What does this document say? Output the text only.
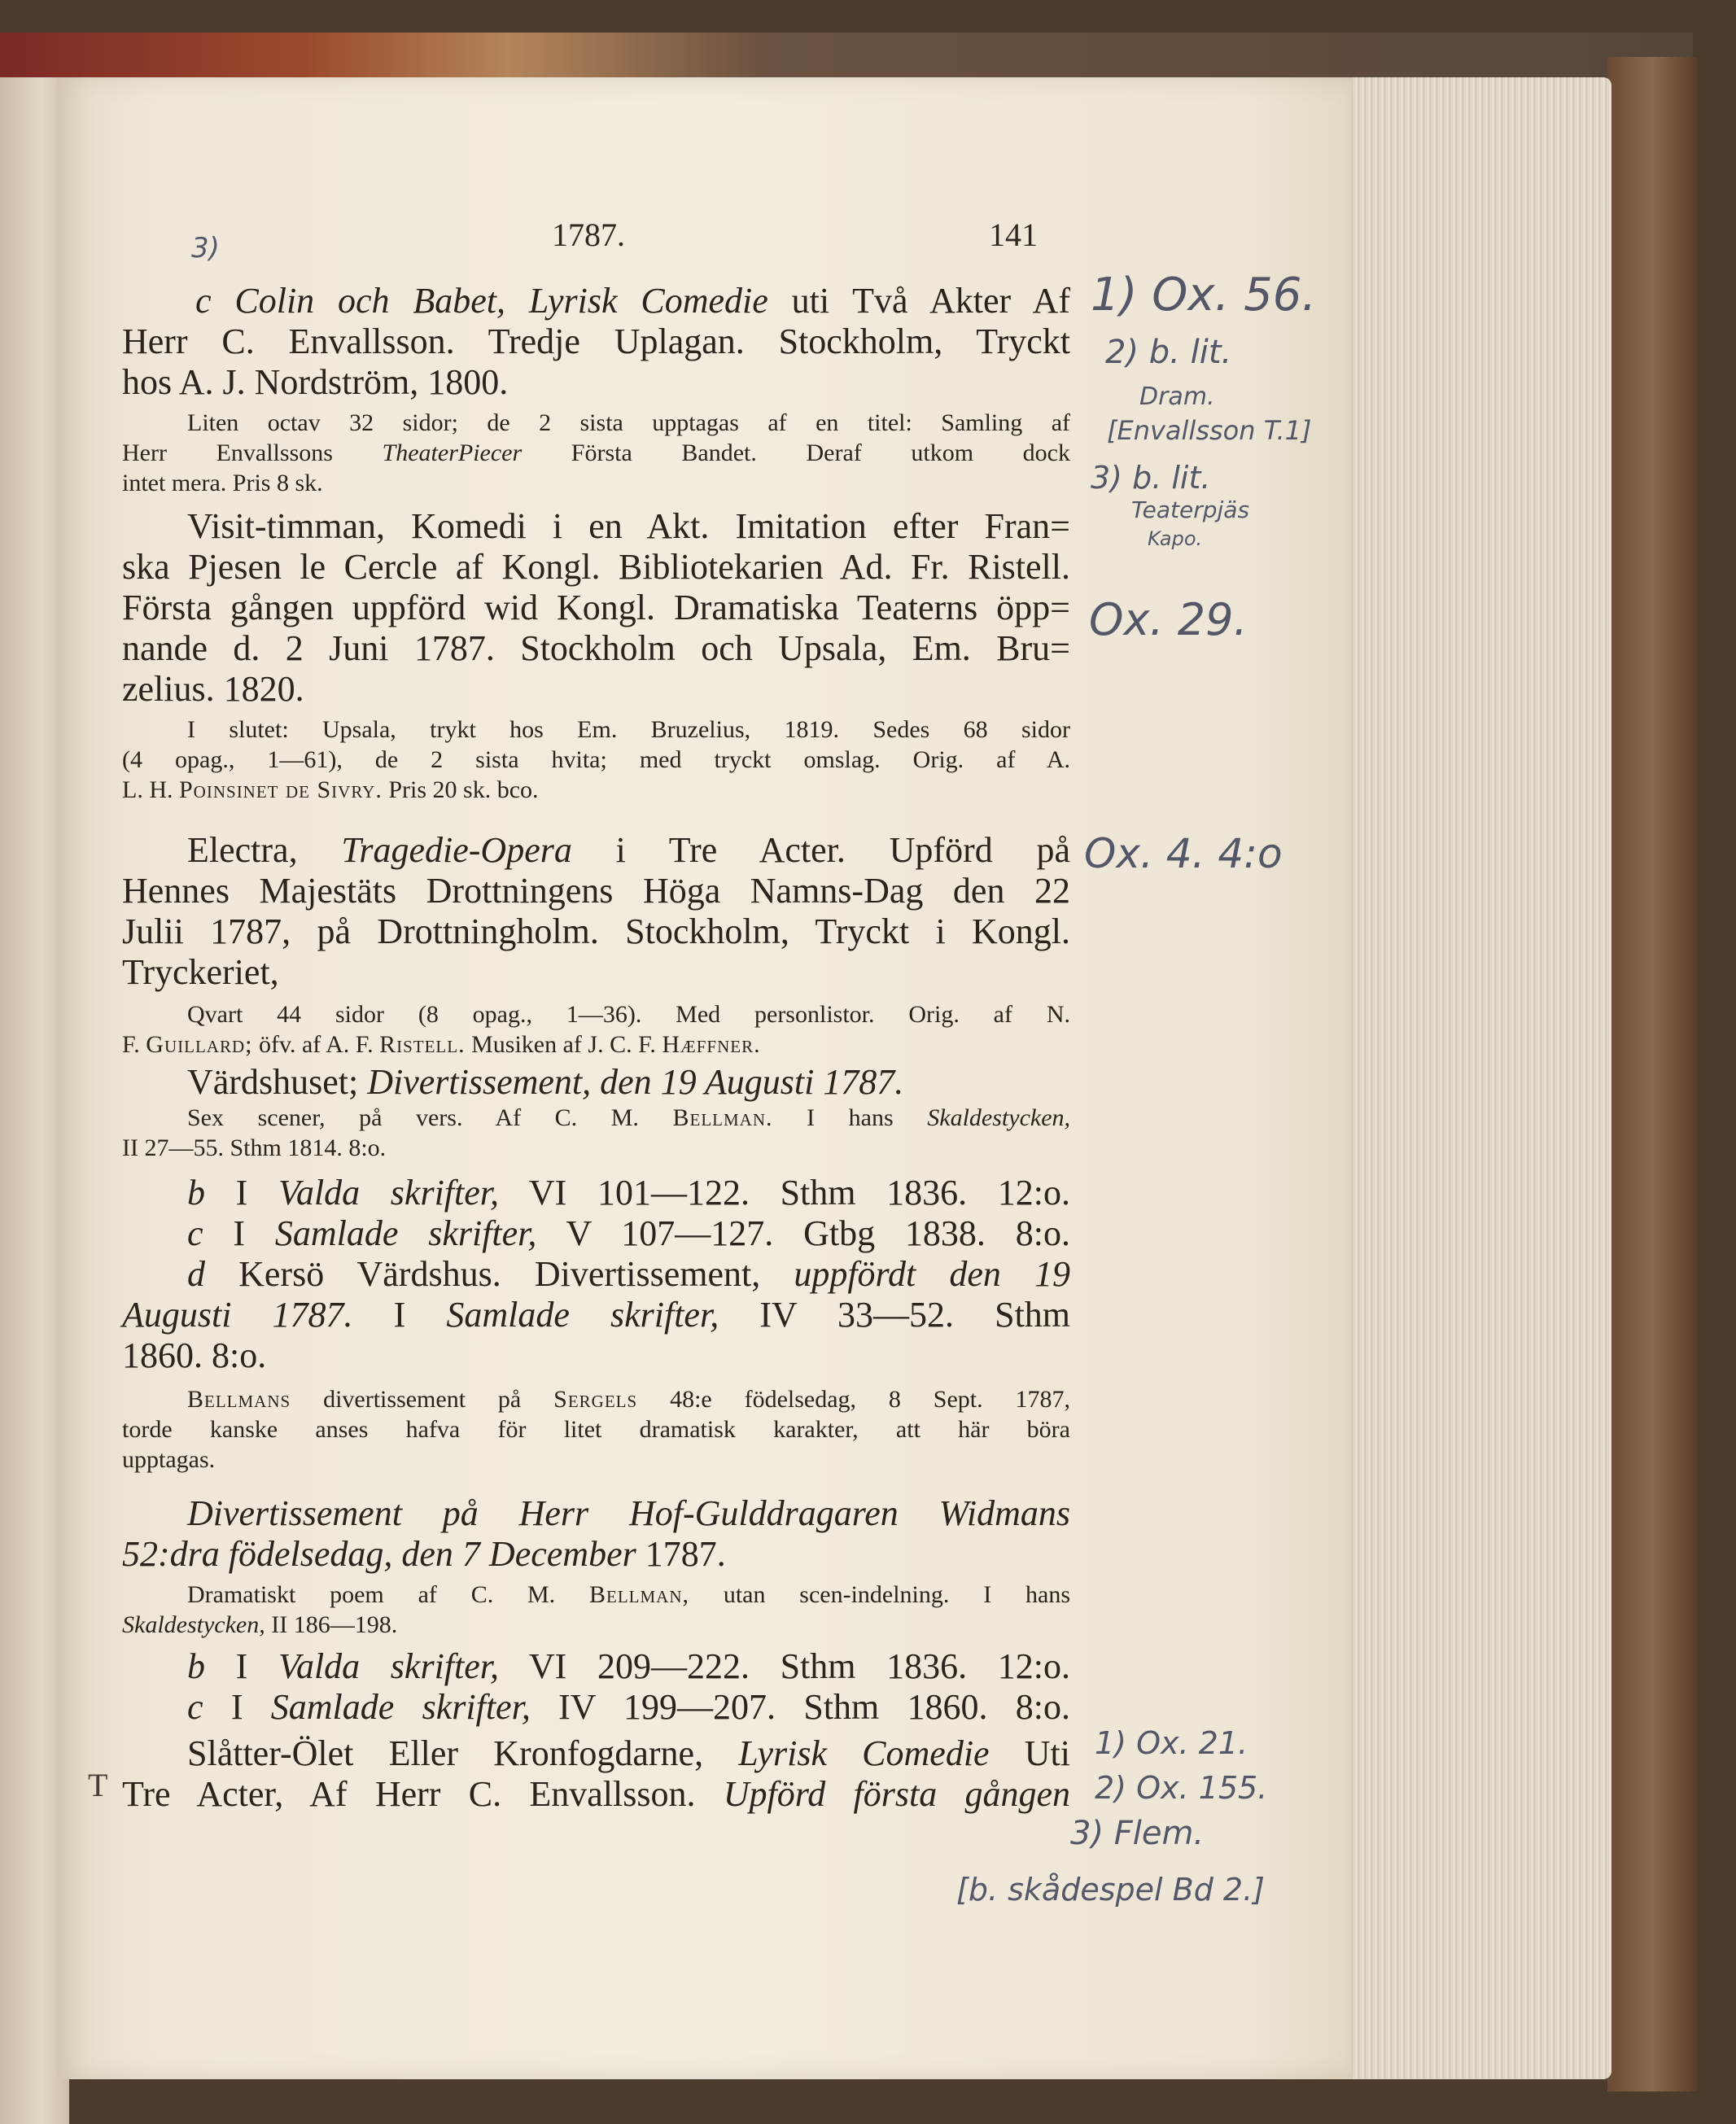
1787.	141
3)
c Colin och Babet, Lyrisk Comedie uti Två Akter Af
Herr C. Envallsson. Tredje Uplagan. Stockholm, Tryckt
hos A. J. Nordström, 1800.
Liten octav 32 sidor; de 2 sista upptagas af en titel: Samling af
Herr Envallssons TheaterPiecer Första Bandet. Deraf utkom dock
intet mera. Pris 8 sk.
Visit-timman, Komedi i en Akt. Imitation efter Fran=
ska Pjesen le Cercle af Kongl. Bibliotekarien Ad. Fr. Ristell.
Första gången uppförd wid Kongl. Dramatiska Teaterns öpp=
nande d. 2 Juni 1787. Stockholm och Upsala, Em. Bru=
zelius. 1820.
I slutet: Upsala, trykt hos Em. Bruzelius, 1819. Sedes 68 sidor
(4 opag., 1—61), de 2 sista hvita; med tryckt omslag. Orig. af A.
L. H. Poinsinet de Sivry. Pris 20 sk. bco.
Electra, Tragedie-Opera i Tre Acter. Upförd på
Hennes Majestäts Drottningens Höga Namns-Dag den 22
Julii 1787, på Drottningholm. Stockholm, Tryckt i Kongl.
Tryckeriet,
Qvart 44 sidor (8 opag., 1—36). Med personlistor. Orig. af N.
F. Guillard; öfv. af A. F. Ristell. Musiken af J. C. F. Hæffner.
Värdshuset; Divertissement, den 19 Augusti 1787.
Sex scener, på vers. Af C. M. Bellman. I hans Skaldestycken,
II 27—55. Sthm 1814. 8:o.
b I Valda skrifter, VI 101—122. Sthm 1836. 12:o.
c I Samlade skrifter, V 107—127. Gtbg 1838. 8:o.
d Kersö Värdshus. Divertissement, uppfördt den 19
Augusti 1787. I Samlade skrifter, IV 33—52. Sthm
1860. 8:o.
Bellmans divertissement på Sergels 48:e födelsedag, 8 Sept. 1787,
torde kanske anses hafva för litet dramatisk karakter, att här böra
upptagas.
Divertissement på Herr Hof-Gulddragaren Widmans
52:dra födelsedag, den 7 December 1787.
Dramatiskt poem af C. M. Bellman, utan scen-indelning. I hans
Skaldestycken, II 186—198.
b I Valda skrifter, VI 209—222. Sthm 1836. 12:o.
c I Samlade skrifter, IV 199—207. Sthm 1860. 8:o.
Slåtter-Ölet Eller Kronfogdarne, Lyrisk Comedie Uti
Tre Acter, Af Herr C. Envallsson. Upförd första gången
T
1) Ox. 56.
2) b. lit.
Dram.
[Envallsson T.1]
3) b. lit.
Teaterpjäs
Kapo.
Ox. 29.
Ox. 4. 4:o
1) Ox. 21.
2) Ox. 155.
3) Flem.
[b. skådespel Bd 2.]
